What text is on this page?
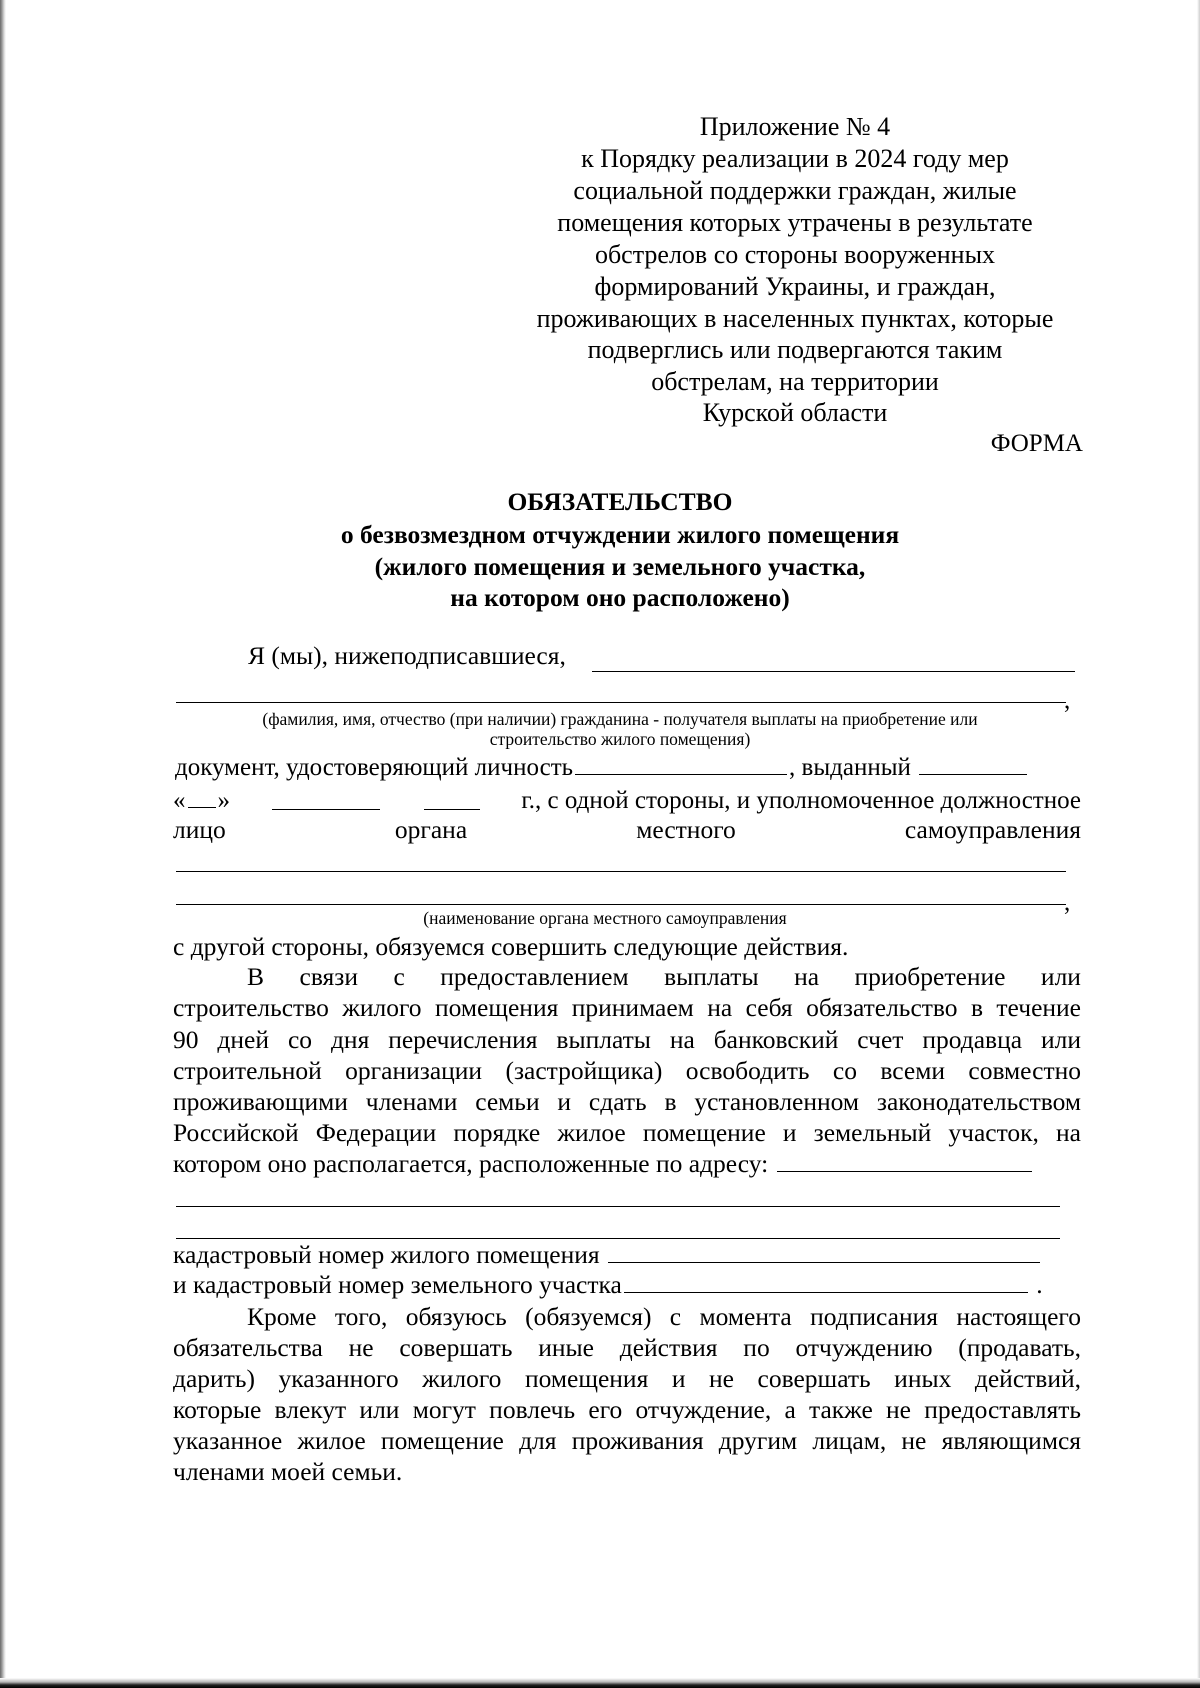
Приложение № 4
к Порядку реализации в 2024 году мер
социальной поддержки граждан, жилые
помещения которых утрачены в результате
обстрелов со стороны вооруженных
формирований Украины, и граждан,
проживающих в населенных пунктах, которые
подверглись или подвергаются таким
обстрелам, на территории
Курской области
ФОРМА
ОБЯЗАТЕЛЬСТВО
о безвозмездном отчуждении жилого помещения
(жилого помещения и земельного участка,
на котором оно расположено)
Я (мы), нижеподписавшиеся,
,
(фамилия, имя, отчество (при наличии) гражданина - получателя выплаты на приобретение или
строительство жилого помещения)
документ, удостоверяющий личность	, выданный
« »	г., с одной стороны, и уполномоченное должностное
лицо	органа	местного	самоуправления
,
(наименование органа местного самоуправления
с другой стороны, обязуемся совершить следующие действия.
В связи с предоставлением выплаты на приобретение или
строительство жилого помещения принимаем на себя обязательство в течение
90 дней со дня перечисления выплаты на банковский счет продавца или
строительной организации (застройщика) освободить со всеми совместно
проживающими членами семьи и сдать в установленном законодательством
Российской Федерации порядке жилое помещение и земельный участок, на
котором оно располагается, расположенные по адресу:
кадастровый номер жилого помещения
и кадастровый номер земельного участка	.
Кроме того, обязуюсь (обязуемся) с момента подписания настоящего
обязательства не совершать иные действия по отчуждению (продавать,
дарить) указанного жилого помещения и не совершать иных действий,
которые влекут или могут повлечь его отчуждение, а также не предоставлять
указанное жилое помещение для проживания другим лицам, не являющимся
членами моей семьи.
